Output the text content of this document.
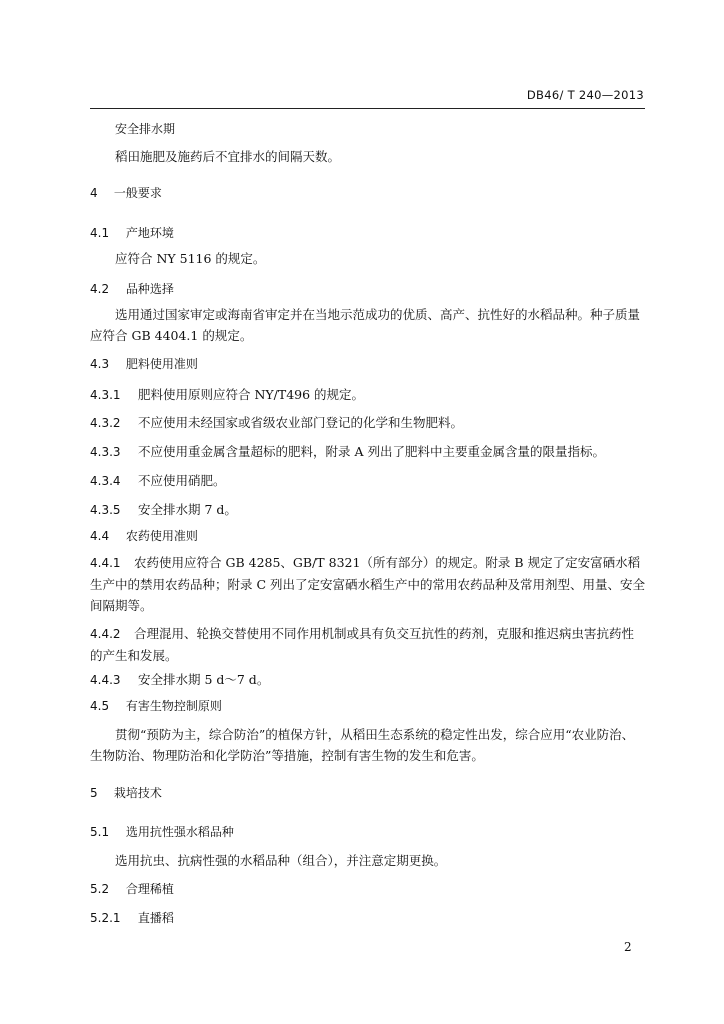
DB46/ T 240—2013
安全排水期
稻田施肥及施药后不宜排水的间隔天数。
4 一般要求
4.1 产地环境
应符合 NY 5116 的规定。
4.2 品种选择
选用通过国家审定或海南省审定并在当地示范成功的优质、高产、抗性好的水稻品种。种子质量应符合 GB 4404.1 的规定。
4.3 肥料使用准则
4.3.1 肥料使用原则应符合 NY/T496 的规定。
4.3.2 不应使用未经国家或省级农业部门登记的化学和生物肥料。
4.3.3 不应使用重金属含量超标的肥料，附录 A 列出了肥料中主要重金属含量的限量指标。
4.3.4 不应使用硝肥。
4.3.5 安全排水期 7 d。
4.4 农药使用准则
4.4.1 农药使用应符合 GB 4285、GB/T 8321（所有部分）的规定。附录 B 规定了定安富硒水稻生产中的禁用农药品种；附录 C 列出了定安富硒水稻生产中的常用农药品种及常用剂型、用量、安全间隔期等。
4.4.2 合理混用、轮换交替使用不同作用机制或具有负交互抗性的药剂，克服和推迟病虫害抗药性的产生和发展。
4.4.3 安全排水期 5 d～7 d。
4.5 有害生物控制原则
贯彻“预防为主，综合防治”的植保方针，从稻田生态系统的稳定性出发，综合应用“农业防治、生物防治、物理防治和化学防治”等措施，控制有害生物的发生和危害。
5 栽培技术
5.1 选用抗性强水稻品种
选用抗虫、抗病性强的水稻品种（组合），并注意定期更换。
5.2 合理稀植
5.2.1 直播稻
2
